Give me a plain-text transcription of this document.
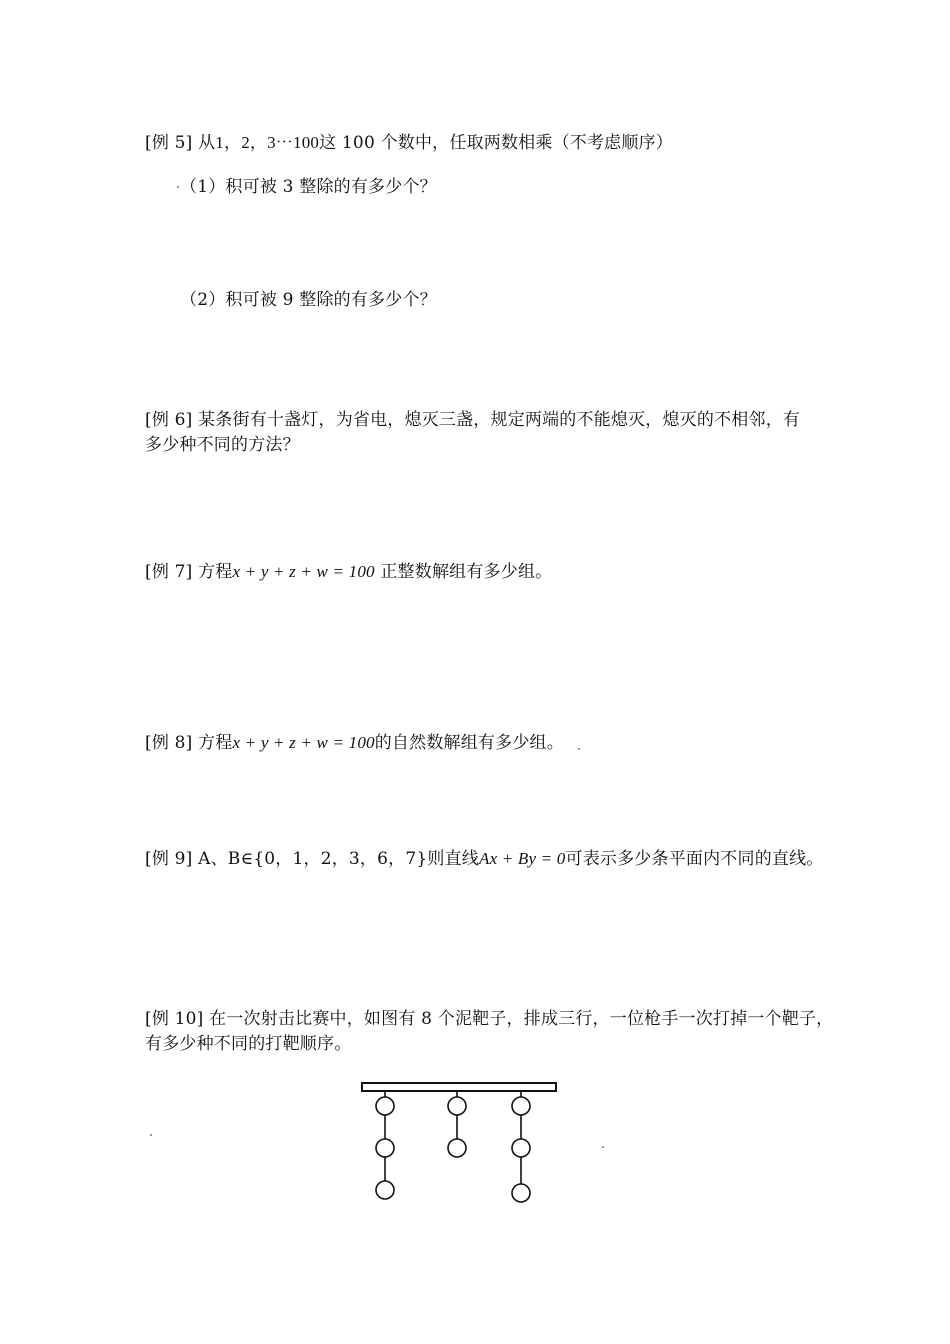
[例 5] 从1，2，3⋯100这 100 个数中，任取两数相乘（不考虑顺序）
（1）积可被 3 整除的有多少个？
（2）积可被 9 整除的有多少个？
[例 6] 某条街有十盏灯，为省电，熄灭三盏，规定两端的不能熄灭，熄灭的不相邻，有
多少种不同的方法？
[例 7] 方程x + y + z + w = 100 正整数解组有多少组。
[例 8] 方程x + y + z + w = 100的自然数解组有多少组。
[例 9] A、B∈{0，1，2，3，6，7}则直线Ax + By = 0可表示多少条平面内不同的直线。
[例 10] 在一次射击比赛中，如图有 8 个泥靶子，排成三行，一位枪手一次打掉一个靶子，
有多少种不同的打靶顺序。
